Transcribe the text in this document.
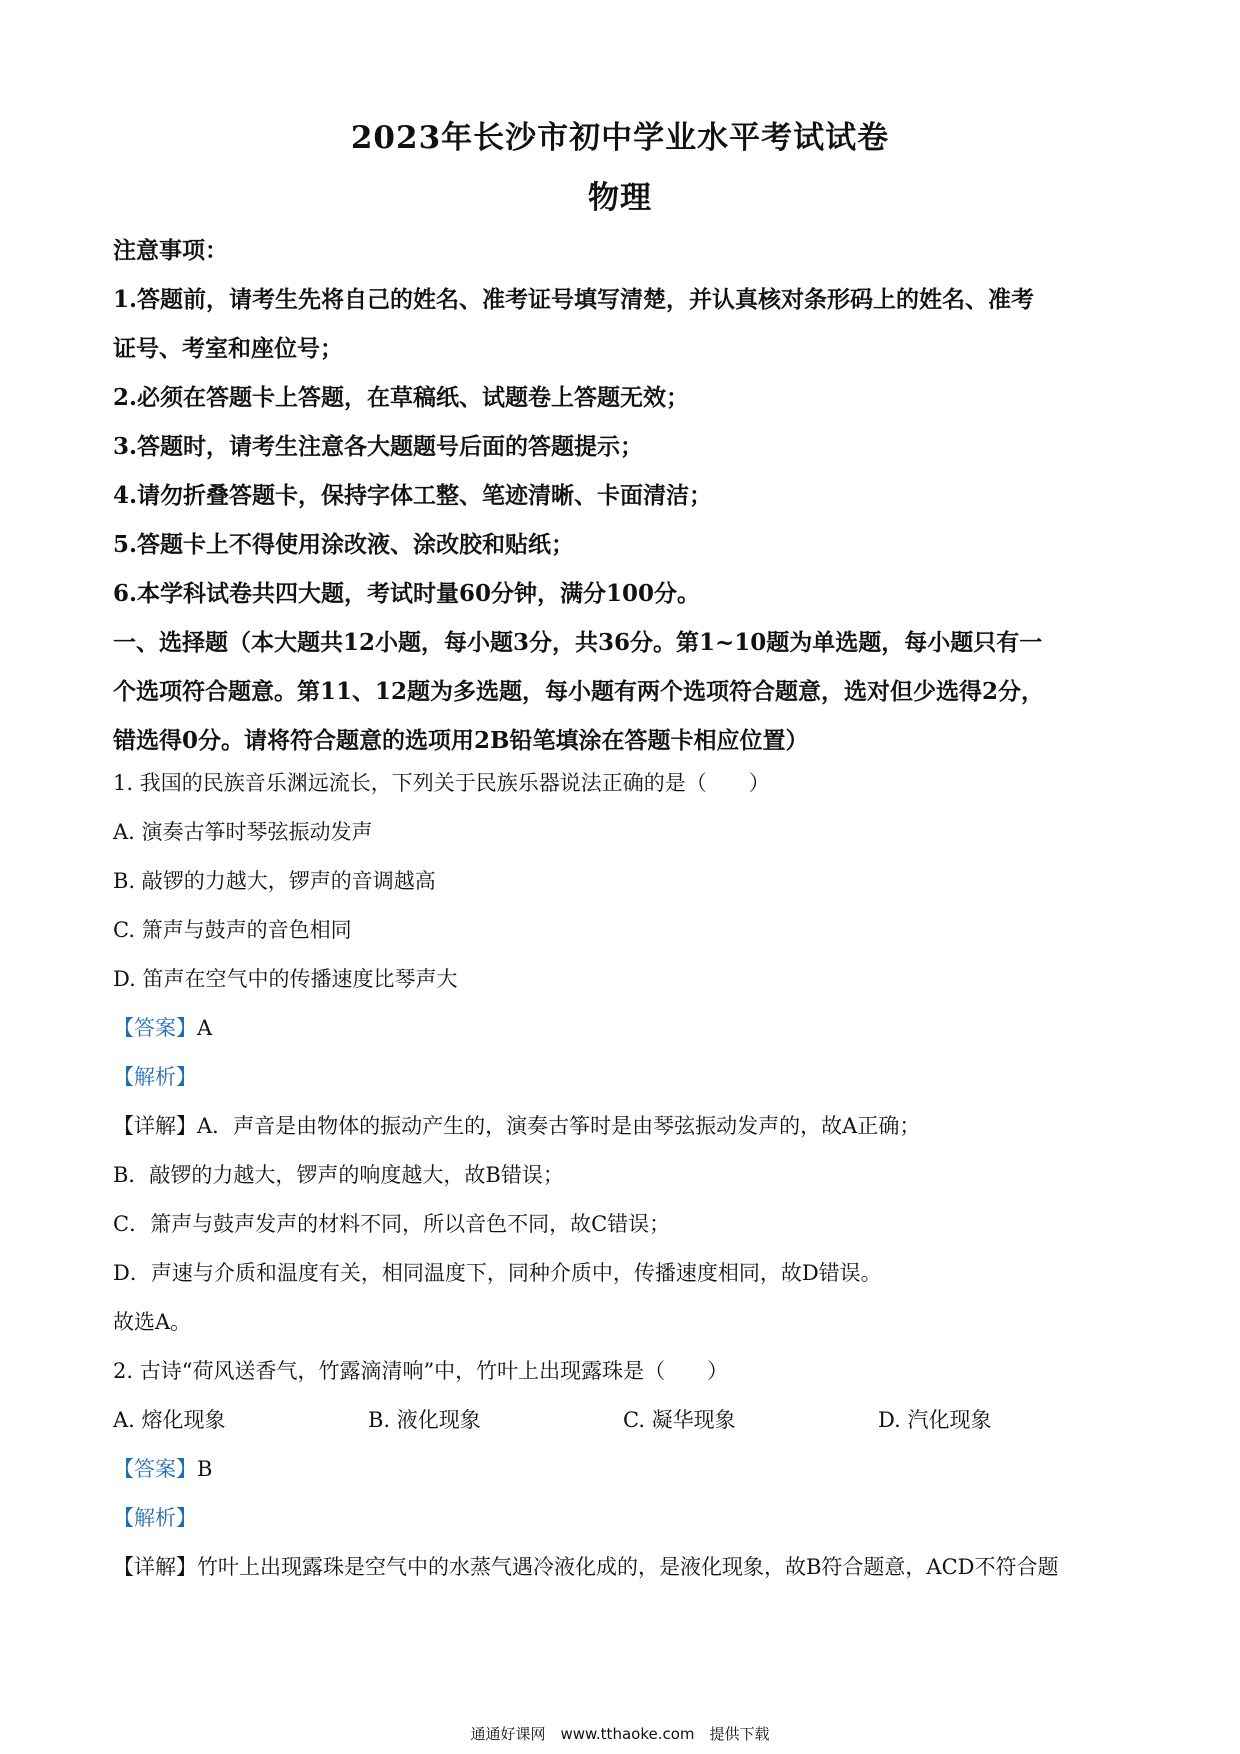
2023年长沙市初中学业水平考试试卷
物理
注意事项：
1.答题前，请考生先将自己的姓名、准考证号填写清楚，并认真核对条形码上的姓名、准考
证号、考室和座位号；
2.必须在答题卡上答题，在草稿纸、试题卷上答题无效；
3.答题时，请考生注意各大题题号后面的答题提示；
4.请勿折叠答题卡，保持字体工整、笔迹清晰、卡面清洁；
5.答题卡上不得使用涂改液、涂改胶和贴纸；
6.本学科试卷共四大题，考试时量60分钟，满分100分。
一、选择题（本大题共12小题，每小题3分，共36分。第1~10题为单选题，每小题只有一
个选项符合题意。第11、12题为多选题，每小题有两个选项符合题意，选对但少选得2分，
错选得0分。请将符合题意的选项用2B铅笔填涂在答题卡相应位置）
1. 我国的民族音乐渊远流长，下列关于民族乐器说法正确的是（　　）
A. 演奏古筝时琴弦振动发声
B. 敲锣的力越大，锣声的音调越高
C. 箫声与鼓声的音色相同
D. 笛声在空气中的传播速度比琴声大
【答案】A
【解析】
【详解】A．声音是由物体的振动产生的，演奏古筝时是由琴弦振动发声的，故A正确；
B．敲锣的力越大，锣声的响度越大，故B错误；
C．箫声与鼓声发声的材料不同，所以音色不同，故C错误；
D．声速与介质和温度有关，相同温度下，同种介质中，传播速度相同，故D错误。
故选A。
2. 古诗“荷风送香气，竹露滴清响”中，竹叶上出现露珠是（　　）
A. 熔化现象	B. 液化现象	C. 凝华现象	D. 汽化现象
【答案】B
【解析】
【详解】竹叶上出现露珠是空气中的水蒸气遇冷液化成的，是液化现象，故B符合题意，ACD不符合题
通通好课网　www.tthaoke.com　提供下载
